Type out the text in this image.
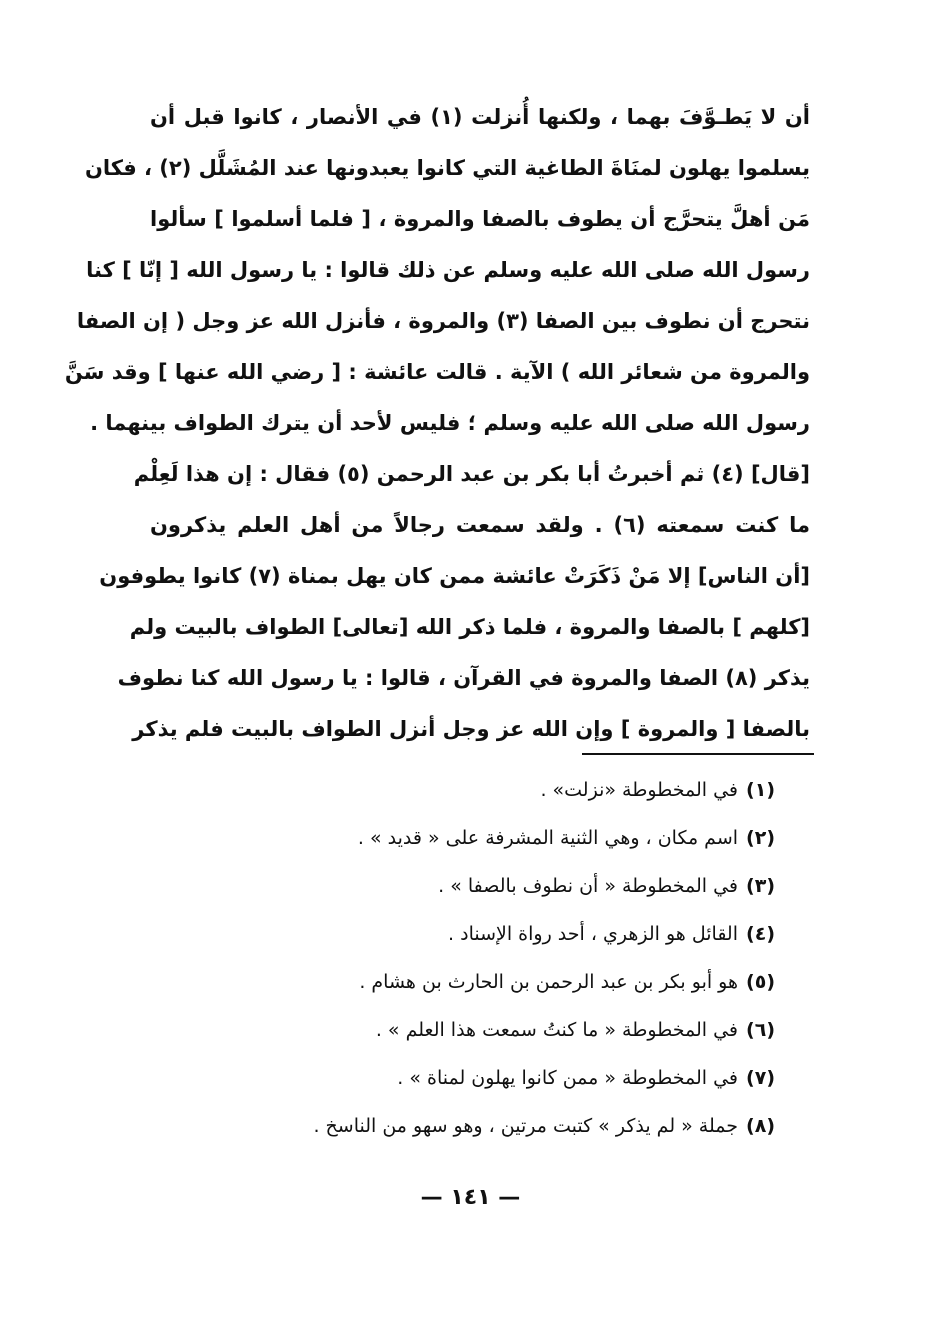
أن لا يَطـوَّفَ بهما ، ولكنها أُنزلت (١) في الأنصار ، كانوا قبل أن
يسلموا يهلون لمنَاةَ الطاغية التي كانوا يعبدونها عند المُشَلَّل (٢) ، فكان
مَن أهلَّ يتحرَّج أن يطوف بالصفا والمروة ، [ فلما أسلموا ] سألوا
رسول الله صلى الله عليه وسلم عن ذلك قالوا : يا رسول الله [ إنّا ] كنا
نتحرج أن نطوف بين الصفا (٣) والمروة ، فأنزل الله عز وجل ( إن الصفا
والمروة من شعائر الله ) الآية . قالت عائشة : [ رضي الله عنها ] وقد سَنَّ
رسول الله صلى الله عليه وسلم ؛ فليس لأحد أن يترك الطواف بينهما .
[قال] (٤) ثم أخبرتُ أبا بكر بن عبد الرحمن (٥) فقال : إن هذا لَعِلْم
ما كنت سمعته (٦) . ولقد سمعت رجالاً من أهل العلم يذكرون
[أن الناس] إلا مَنْ ذَكَرَتْ عائشة ممن كان يهل بمناة (٧) كانوا يطوفون
[كلهم ] بالصفا والمروة ، فلما ذكر الله [تعالى] الطواف بالبيت ولم
يذكر (٨) الصفا والمروة في القرآن ، قالوا : يا رسول الله كنا نطوف
بالصفا [ والمروة ] وإن الله عز وجل أنزل الطواف بالبيت فلم يذكر
(١)في المخطوطة «نزلت» .
(٢)اسم مكان ، وهي الثنية المشرفة على « قديد » .
(٣)في المخطوطة « أن نطوف بالصفا » .
(٤)القائل هو الزهري ، أحد رواة الإسناد .
(٥)هو أبو بكر بن عبد الرحمن بن الحارث بن هشام .
(٦)في المخطوطة « ما كنتُ سمعت هذا العلم » .
(٧)في المخطوطة « ممن كانوا يهلون لمناة » .
(٨)جملة « لم يذكر » كتبت مرتين ، وهو سهو من الناسخ .
— ١٤١ —
